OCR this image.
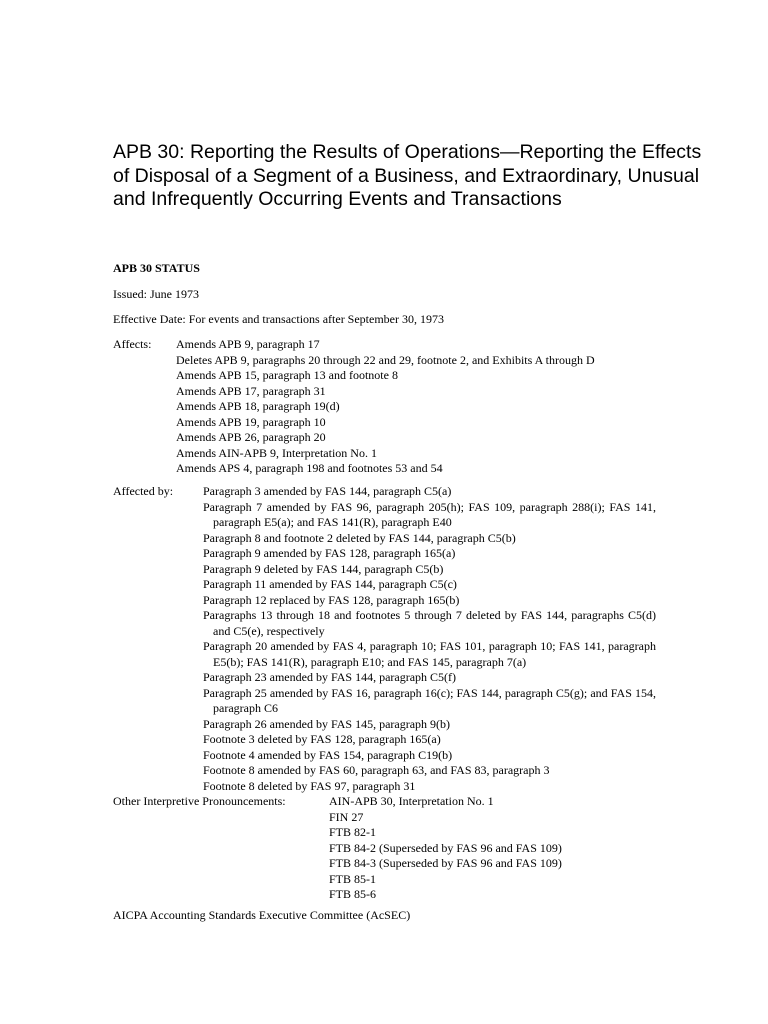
APB 30: Reporting the Results of Operations—Reporting the Effects of Disposal of a Segment of a Business, and Extraordinary, Unusual and Infrequently Occurring Events and Transactions

APB 30 STATUS

Issued: June 1973

Effective Date: For events and transactions after September 30, 1973

Affects: Amends APB 9, paragraph 17
Deletes APB 9, paragraphs 20 through 22 and 29, footnote 2, and Exhibits A through D
Amends APB 15, paragraph 13 and footnote 8
Amends APB 17, paragraph 31
Amends APB 18, paragraph 19(d)
Amends APB 19, paragraph 10
Amends APB 26, paragraph 20
Amends AIN-APB 9, Interpretation No. 1
Amends APS 4, paragraph 198 and footnotes 53 and 54

Affected by: Paragraph 3 amended by FAS 144, paragraph C5(a)
Paragraph 7 amended by FAS 96, paragraph 205(h); FAS 109, paragraph 288(i); FAS 141, paragraph E5(a); and FAS 141(R), paragraph E40
Paragraph 8 and footnote 2 deleted by FAS 144, paragraph C5(b)
Paragraph 9 amended by FAS 128, paragraph 165(a)
Paragraph 9 deleted by FAS 144, paragraph C5(b)
Paragraph 11 amended by FAS 144, paragraph C5(c)
Paragraph 12 replaced by FAS 128, paragraph 165(b)
Paragraphs 13 through 18 and footnotes 5 through 7 deleted by FAS 144, paragraphs C5(d) and C5(e), respectively
Paragraph 20 amended by FAS 4, paragraph 10; FAS 101, paragraph 10; FAS 141, paragraph E5(b); FAS 141(R), paragraph E10; and FAS 145, paragraph 7(a)
Paragraph 23 amended by FAS 144, paragraph C5(f)
Paragraph 25 amended by FAS 16, paragraph 16(c); FAS 144, paragraph C5(g); and FAS 154, paragraph C6
Paragraph 26 amended by FAS 145, paragraph 9(b)
Footnote 3 deleted by FAS 128, paragraph 165(a)
Footnote 4 amended by FAS 154, paragraph C19(b)
Footnote 8 amended by FAS 60, paragraph 63, and FAS 83, paragraph 3
Footnote 8 deleted by FAS 97, paragraph 31

Other Interpretive Pronouncements:	AIN-APB 30, Interpretation No. 1
FIN 27
FTB 82-1
FTB 84-2 (Superseded by FAS 96 and FAS 109)
FTB 84-3 (Superseded by FAS 96 and FAS 109)
FTB 85-1
FTB 85-6

AICPA Accounting Standards Executive Committee (AcSEC)
